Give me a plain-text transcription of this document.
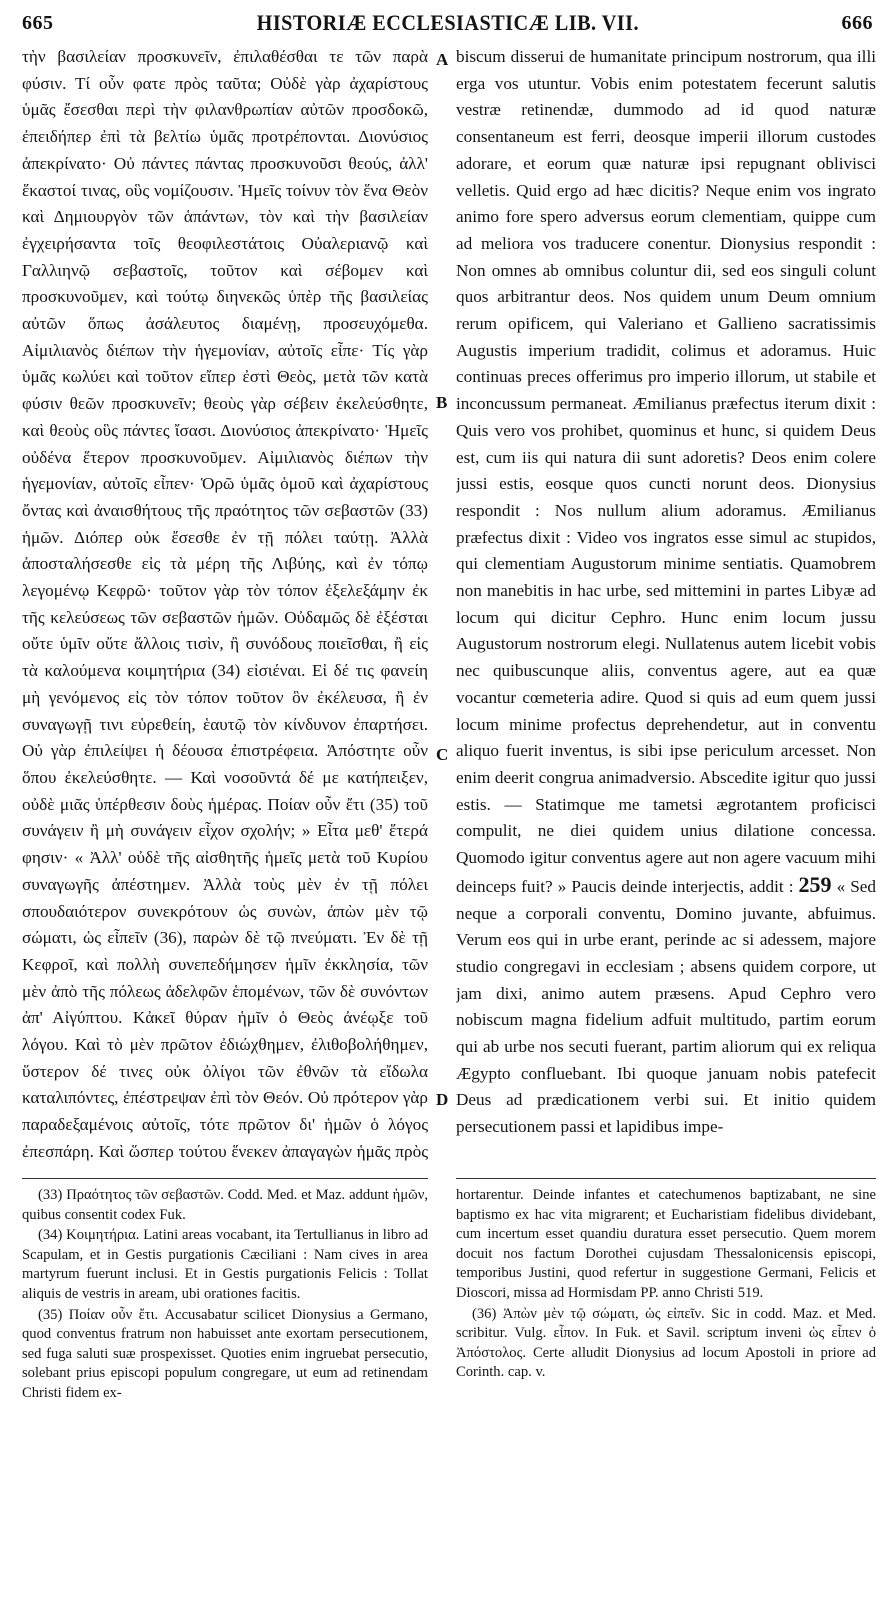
665	HISTORIÆ ECCLESIASTICÆ LIB. VII.	666

τὴν βασιλείαν προσκυνεῖν, ἐπιλαθέσθαι τε τῶν παρὰ φύσιν. Τί οὖν φατε πρὸς ταῦτα; Οὐδὲ γὰρ ἀχαρίστους ὑμᾶς ἔσεσθαι περὶ τὴν φιλανθρωπίαν αὐτῶν προσδοκῶ, ἐπειδήπερ ἐπὶ τὰ βελτίω ὑμᾶς προτρέπονται. Διονύσιος ἀπεκρίνατο· Οὐ πάντες πάντας προσκυνοῦσι θεούς, ἀλλ' ἕκαστοί τινας, οὓς νομίζουσιν. Ἡμεῖς τοίνυν τὸν ἕνα Θεὸν καὶ Δημιουργὸν τῶν ἁπάντων, τὸν καὶ τὴν βασιλείαν ἐγχειρήσαντα τοῖς θεοφιλεστάτοις Οὐαλεριανῷ καὶ Γαλλιηνῷ σεβαστοῖς, τοῦτον καὶ σέβομεν καὶ προσκυνοῦμεν, καὶ τούτῳ διηνεκῶς ὑπὲρ τῆς βασιλείας αὐτῶν ὅπως ἀσάλευτος διαμένῃ, προσευχόμεθα. Αἰμιλιανὸς διέπων τὴν ἡγεμονίαν, αὐτοῖς εἶπε· Τίς γὰρ ὑμᾶς κωλύει καὶ τοῦτον εἴπερ ἐστὶ Θεὸς, μετὰ τῶν κατὰ φύσιν θεῶν προσκυνεῖν; θεοὺς γὰρ σέβειν ἐκελεύσθητε, καὶ θεοὺς οὓς πάντες ἴσασι. Διονύσιος ἀπεκρίνατο· Ἡμεῖς οὐδένα ἕτερον προσκυνοῦμεν. Αἰμιλιανὸς διέπων τὴν ἡγεμονίαν, αὐτοῖς εἶπεν· Ὁρῶ ὑμᾶς ὁμοῦ καὶ ἀχαρίστους ὄντας καὶ ἀναισθήτους τῆς πραότητος τῶν σεβαστῶν (33) ἡμῶν. Διόπερ οὐκ ἔσεσθε ἐν τῇ πόλει ταύτῃ. Ἀλλὰ ἀποσταλήσεσθε εἰς τὰ μέρη τῆς Λιβύης, καὶ ἐν τόπῳ λεγομένῳ Κεφρῶ· τοῦτον γὰρ τὸν τόπον ἐξελεξάμην ἐκ τῆς κελεύσεως τῶν σεβαστῶν ἡμῶν. Οὐδαμῶς δὲ ἐξέσται οὔτε ὑμῖν οὔτε ἄλλοις τισὶν, ἢ συνόδους ποιεῖσθαι, ἢ εἰς τὰ καλούμενα κοιμητήρια (34) εἰσιέναι. Εἰ δέ τις φανείη μὴ γενόμενος εἰς τὸν τόπον τοῦτον ὃν ἐκέλευσα, ἢ ἐν συναγωγῇ τινι εὑρεθείη, ἑαυτῷ τὸν κίνδυνον ἐπαρτήσει. Οὐ γὰρ ἐπιλείψει ἡ δέουσα ἐπιστρέφεια. Ἀπόστητε οὖν ὅπου ἐκελεύσθητε. — Καὶ νοσοῦντά δέ με κατήπειξεν, οὐδὲ μιᾶς ὑπέρθεσιν δοὺς ἡμέρας. Ποίαν οὖν ἔτι (35) τοῦ συνάγειν ἢ μὴ συνάγειν εἶχον σχολήν; » Εἶτα μεθ' ἕτερά φησιν· « Ἀλλ' οὐδὲ τῆς αἰσθητῆς ἡμεῖς μετὰ τοῦ Κυρίου συναγωγῆς ἀπέστημεν. Ἀλλὰ τοὺς μὲν ἐν τῇ πόλει σπουδαιότερον συνεκρότουν ὡς συνὼν, ἀπὼν μὲν τῷ σώματι, ὡς εἶπεῖν (36), παρὼν δὲ τῷ πνεύματι. Ἐν δὲ τῇ Κεφροῖ, καὶ πολλὴ συνεπεδήμησεν ἡμῖν ἐκκλησία, τῶν μὲν ἀπὸ τῆς πόλεως ἀδελφῶν ἑπομένων, τῶν δὲ συνόντων ἀπ' Αἰγύπτου. Κἀκεῖ θύραν ἡμῖν ὁ Θεὸς ἀνέῳξε τοῦ λόγου. Καὶ τὸ μὲν πρῶτον ἐδιώχθημεν, ἐλιθοβολήθημεν, ὕστερον δέ τινες οὐκ ὀλίγοι τῶν ἐθνῶν τὰ εἴδωλα καταλιπόντες, ἐπέστρεψαν ἐπὶ τὸν Θεόν. Οὐ πρότερον γὰρ παραδεξαμένοις αὐτοῖς, τότε πρῶτον δι' ἡμῶν ὁ λόγος ἐπεσπάρη. Καὶ ὥσπερ τούτου ἕνεκεν ἀπαγαγὼν ἡμᾶς πρὸς

A
B
C
D

biscum disserui de humanitate principum nostrorum, qua illi erga vos utuntur. Vobis enim potestatem fecerunt salutis vestræ retinendæ, dummodo ad id quod naturæ consentaneum est ferri, deosque imperii illorum custodes adorare, et eorum quæ naturæ ipsi repugnant oblivisci velletis. Quid ergo ad hæc dicitis? Neque enim vos ingrato animo fore spero adversus eorum clementiam, quippe cum ad meliora vos traducere conentur. Dionysius respondit : Non omnes ab omnibus coluntur dii, sed eos singuli colunt quos arbitrantur deos. Nos quidem unum Deum omnium rerum opificem, qui Valeriano et Gallieno sacratissimis Augustis imperium tradidit, colimus et adoramus. Huic continuas preces offerimus pro imperio illorum, ut stabile et inconcussum permaneat. Æmilianus præfectus iterum dixit : Quis vero vos prohibet, quominus et hunc, si quidem Deus est, cum iis qui natura dii sunt adoretis? Deos enim colere jussi estis, eosque quos cuncti norunt deos. Dionysius respondit : Nos nullum alium adoramus. Æmilianus præfectus dixit : Video vos ingratos esse simul ac stupidos, qui clementiam Augustorum minime sentiatis. Quamobrem non manebitis in hac urbe, sed mittemini in partes Libyæ ad locum qui dicitur Cephro. Hunc enim locum jussu Augustorum nostrorum elegi. Nullatenus autem licebit vobis nec quibuscunque aliis, conventus agere, aut ea quæ vocantur cœmeteria adire. Quod si quis ad eum quem jussi locum minime profectus deprehendetur, aut in conventu aliquo fuerit inventus, is sibi ipse periculum arcesset. Non enim deerit congrua animadversio. Abscedite igitur quo jussi estis. — Statimque me tametsi ægrotantem proficisci compulit, ne diei quidem unius dilatione concessa. Quomodo igitur conventus agere aut non agere vacuum mihi deinceps fuit? » Paucis deinde interjectis, addit : 259 « Sed neque a corporali conventu, Domino juvante, abfuimus. Verum eos qui in urbe erant, perinde ac si adessem, majore studio congregavi in ecclesiam ; absens quidem corpore, ut jam dixi, animo autem præsens. Apud Cephro vero nobiscum magna fidelium adfuit multitudo, partim eorum qui ab urbe nos secuti fuerant, partim aliorum qui ex reliqua Ægypto confluebant. Ibi quoque januam nobis patefecit Deus ad prædicationem verbi sui. Et initio quidem persecutionem passi et lapidibus impe-

(33) Πραότητος τῶν σεβαστῶν. Codd. Med. et Maz. addunt ἡμῶν, quibus consentit codex Fuk.

(34) Κοιμητήρια. Latini areas vocabant, ita Tertullianus in libro ad Scapulam, et in Gestis purgationis Cæciliani : Nam cives in area martyrum fuerunt inclusi. Et in Gestis purgationis Felicis : Tollat aliquis de vestris in aream, ubi orationes facitis.

(35) Ποίαν οὖν ἔτι. Accusabatur scilicet Dionysius a Germano, quod conventus fratrum non habuisset ante exortam persecutionem, sed fuga saluti suæ prospexisset. Quoties enim ingruebat persecutio, solebant prius episcopi populum congregare, ut eum ad retinendam Christi fidem ex-

hortarentur. Deinde infantes et catechumenos baptizabant, ne sine baptismo ex hac vita migrarent; et Eucharistiam fidelibus dividebant, cum incertum esset quandiu duratura esset persecutio. Quem morem docuit nos factum Dorothei cujusdam Thessalonicensis episcopi, temporibus Justini, quod refertur in suggestione Germani, Felicis et Dioscori, missa ad Hormisdam PP. anno Christi 519.

(36) Ἀπὼν μὲν τῷ σώματι, ὡς εἰπεῖν. Sic in codd. Maz. et Med. scribitur. Vulg. εἶπον. In Fuk. et Savil. scriptum inveni ὡς εἶπεν ὁ Ἀπόστολος. Certe alludit Dionysius ad locum Apostoli in priore ad Corinth. cap. v.
